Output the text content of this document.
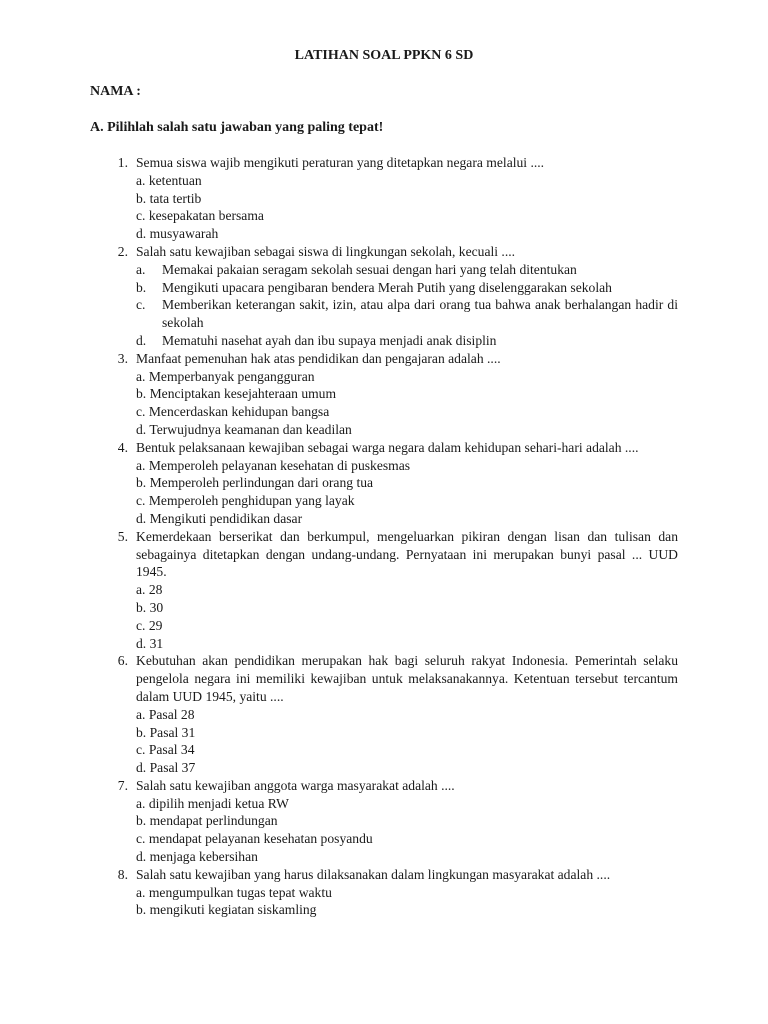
LATIHAN SOAL PPKN 6 SD
NAMA :
A. Pilihlah salah satu jawaban yang paling tepat!
1. Semua siswa wajib mengikuti peraturan yang ditetapkan negara melalui ....
a. ketentuan
b. tata tertib
c. kesepakatan bersama
d. musyawarah
2. Salah satu kewajiban sebagai siswa di lingkungan sekolah, kecuali ....
a. Memakai pakaian seragam sekolah sesuai dengan hari yang telah ditentukan
b. Mengikuti upacara pengibaran bendera Merah Putih yang diselenggarakan sekolah
c. Memberikan keterangan sakit, izin, atau alpa dari orang tua bahwa anak berhalangan hadir di sekolah
d. Mematuhi nasehat ayah dan ibu supaya menjadi anak disiplin
3. Manfaat pemenuhan hak atas pendidikan dan pengajaran adalah ....
a. Memperbanyak pengangguran
b. Menciptakan kesejahteraan umum
c. Mencerdaskan kehidupan bangsa
d. Terwujudnya keamanan dan keadilan
4. Bentuk pelaksanaan kewajiban sebagai warga negara dalam kehidupan sehari-hari adalah ....
a. Memperoleh pelayanan kesehatan di puskesmas
b. Memperoleh perlindungan dari orang tua
c. Memperoleh penghidupan yang layak
d. Mengikuti pendidikan dasar
5. Kemerdekaan berserikat dan berkumpul, mengeluarkan pikiran dengan lisan dan tulisan dan sebagainya ditetapkan dengan undang-undang. Pernyataan ini merupakan bunyi pasal ... UUD 1945.
a. 28
b. 30
c. 29
d. 31
6. Kebutuhan akan pendidikan merupakan hak bagi seluruh rakyat Indonesia. Pemerintah selaku pengelola negara ini memiliki kewajiban untuk melaksanakannya. Ketentuan tersebut tercantum dalam UUD 1945, yaitu ....
a. Pasal 28
b. Pasal 31
c. Pasal 34
d. Pasal 37
7. Salah satu kewajiban anggota warga masyarakat adalah ....
a. dipilih menjadi ketua RW
b. mendapat perlindungan
c. mendapat pelayanan kesehatan posyandu
d. menjaga kebersihan
8. Salah satu kewajiban yang harus dilaksanakan dalam lingkungan masyarakat adalah ....
a. mengumpulkan tugas tepat waktu
b. mengikuti kegiatan siskamling
